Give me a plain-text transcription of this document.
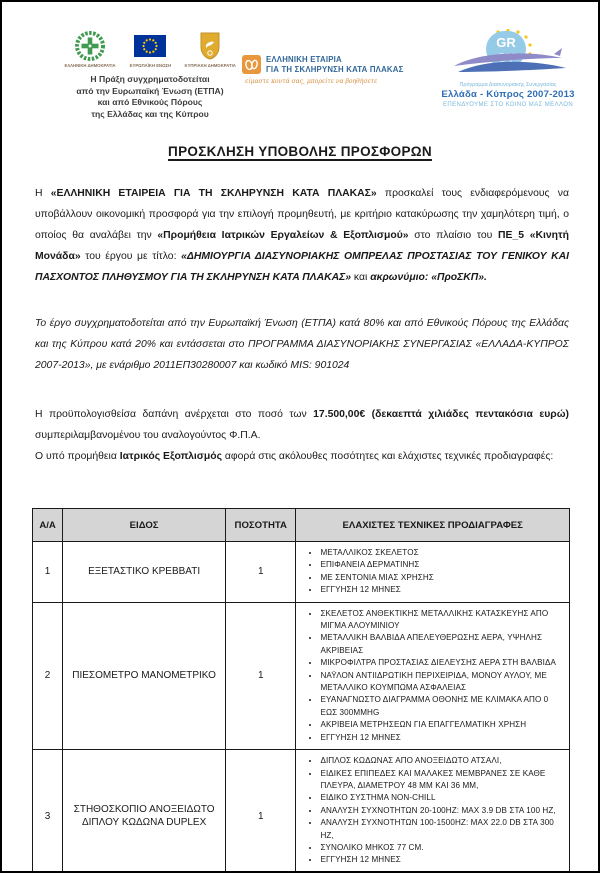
ΕΛΛΗΝΙΚΗ ΔΗΜΟΚΡΑΤΙΑ	ΕΥΡΩΠΑΪΚΗ ΕΝΩΣΗ	ΚΥΠΡΙΑΚΗ ΔΗΜΟΚΡΑΤΙΑ
Η Πράξη συγχρηματοδοτείται
από την Ευρωπαϊκή Ένωση (ΕΤΠΑ)
και από Εθνικούς Πόρους
της Ελλάδας και της Κύπρου
ΕΛΛΗΝΙΚΗ ΕΤΑΙΡΙΑ
ΓΙΑ ΤΗ ΣΚΛΗΡΥΝΣΗ ΚΑΤΑ ΠΛΑΚΑΣ
είμαστε κοντά σας, μπορείτε να βοηθήσετε
GR
Πρόγραμμα Διασυνοριακής Συνεργασίας
Ελλάδα - Κύπρος 2007-2013
ΕΠΕΝΔΥΟΥΜΕ ΣΤΟ ΚΟΙΝΟ ΜΑΣ ΜΕΛΛΟΝ
ΠΡΟΣΚΛΗΣΗ ΥΠΟΒΟΛΗΣ ΠΡΟΣΦΟΡΩΝ

Η «ΕΛΛΗΝΙΚΗ ΕΤΑΙΡΕΙΑ ΓΙΑ ΤΗ ΣΚΛΗΡΥΝΣΗ ΚΑΤΑ ΠΛΑΚΑΣ» προσκαλεί τους ενδιαφερόμενους να υποβάλλουν οικονομική προσφορά για την επιλογή προμηθευτή, με κριτήριο κατακύρωσης την χαμηλότερη τιμή, ο οποίος θα αναλάβει την «Προμήθεια Ιατρικών Εργαλείων & Εξοπλισμού» στο πλαίσιο του ΠΕ_5 «Κινητή Μονάδα» του έργου με τίτλο: «ΔΗΜΙΟΥΡΓΙΑ ΔΙΑΣΥΝΟΡΙΑΚΗΣ ΟΜΠΡΕΛΑΣ ΠΡΟΣΤΑΣΙΑΣ ΤΟΥ ΓΕΝΙΚΟΥ ΚΑΙ ΠΑΣΧΟΝΤΟΣ ΠΛΗΘΥΣΜΟΥ ΓΙΑ ΤΗ ΣΚΛΗΡΥΝΣΗ ΚΑΤΑ ΠΛΑΚΑΣ» και ακρωνύμιο: «ΠροΣΚΠ».

Το έργο συγχρηματοδοτείται από την Ευρωπαϊκή Ένωση (ΕΤΠΑ) κατά 80% και από Εθνικούς Πόρους της Ελλάδας και της Κύπρου κατά 20% και εντάσσεται στο ΠΡΟΓΡΑΜΜΑ ΔΙΑΣΥΝΟΡΙΑΚΗΣ ΣΥΝΕΡΓΑΣΙΑΣ «ΕΛΛΑΔΑ-ΚΥΠΡΟΣ 2007-2013», με ενάριθμο 2011ΕΠ30280007 και κωδικό MIS: 901024

Η προϋπολογισθείσα δαπάνη ανέρχεται στο ποσό των 17.500,00€ (δεκαεπτά χιλιάδες πεντακόσια ευρώ) συμπεριλαμβανομένου του αναλογούντος Φ.Π.Α.

Ο υπό προμήθεια Ιατρικός Εξοπλισμός αφορά στις ακόλουθες ποσότητες και ελάχιστες τεχνικές προδιαγραφές:

Α/Α	ΕΙΔΟΣ	ΠΟΣΟΤΗΤΑ	ΕΛΑΧΙΣΤΕΣ ΤΕΧΝΙΚΕΣ ΠΡΟΔΙΑΓΡΑΦΕΣ
1	ΕΞΕΤΑΣΤΙΚΟ ΚΡΕΒΒΑΤΙ	1	
• ΜΕΤΑΛΛΙΚΟΣ ΣΚΕΛΕΤΟΣ
• ΕΠΙΦΑΝΕΙΑ ΔΕΡΜΑΤΙΝΗΣ
• ΜΕ ΣΕΝΤΟΝΙΑ ΜΙΑΣ ΧΡΗΣΗΣ
• ΕΓΓΥΗΣΗ 12 ΜΗΝΕΣ

2	ΠΙΕΣΟΜΕΤΡΟ ΜΑΝΟΜΕΤΡΙΚΟ	1	
• ΣΚΕΛΕΤΟΣ ΑΝΘΕΚΤΙΚΗΣ ΜΕΤΑΛΛΙΚΗΣ ΚΑΤΑΣΚΕΥΗΣ ΑΠΟ ΜΙΓΜΑ ΑΛΟΥΜΙΝΙΟΥ
• ΜΕΤΑΛΛΙΚΗ ΒΑΛΒΙΔΑ ΑΠΕΛΕΥΘΕΡΩΣΗΣ ΑΕΡΑ, ΥΨΗΛΗΣ ΑΚΡΙΒΕΙΑΣ
• ΜΙΚΡΟΦΙΛΤΡΑ ΠΡΟΣΤΑΣΙΑΣ ΔΙΕΛΕΥΣΗΣ ΑΕΡΑ ΣΤΗ ΒΑΛΒΙΔΑ
• ΝΑΫΛΟΝ ΑΝΤΙΙΔΡΩΤΙΚΗ ΠΕΡΙΧΕΙΡΙΔΑ, ΜΟΝΟΥ ΑΥΛΟΥ, ΜΕ ΜΕΤΑΛΛΙΚΟ ΚΟΥΜΠΩΜΑ ΑΣΦΑΛΕΙΑΣ
• ΕΥΑΝΑΓΝΩΣΤΟ ΔΙΑΓΡΑΜΜΑ ΟΘΟΝΗΣ ΜΕ ΚΛΙΜΑΚΑ ΑΠΟ 0 ΕΩΣ 300MMHG
• ΑΚΡΙΒΕΙΑ ΜΕΤΡΗΣΕΩΝ ΓΙΑ ΕΠΑΓΓΕΛΜΑΤΙΚΗ ΧΡΗΣΗ
• ΕΓΓΥΗΣΗ 12 ΜΗΝΕΣ

3	ΣΤΗΘΟΣΚΟΠΙΟ ΑΝΟΞΕΙΔΩΤΟ ΔΙΠΛΟΥ ΚΩΔΩΝΑ DUPLEX	1	
• ΔΙΠΛΟΣ ΚΩΔΩΝΑΣ ΑΠΟ ΑΝΟΞΕΙΔΩΤΟ ΑΤΣΑΛΙ,
• ΕΙΔΙΚΕΣ ΕΠΙΠΕΔΕΣ ΚΑΙ ΜΑΛΑΚΕΣ ΜΕΜΒΡΑΝΕΣ ΣΕ ΚΑΘΕ ΠΛΕΥΡΑ, ΔΙΑΜΕΤΡΟΥ 48 ΜΜ ΚΑΙ 36 ΜΜ,
• ΕΙΔΙΚΟ ΣΥΣΤΗΜΑ NON-CHILL
• ΑΝΑΛΥΣΗ ΣΥΧΝΟΤΗΤΩΝ 20-100HZ: MAX 3.9 DB ΣΤΑ 100 HZ,
• ΑΝΑΛΥΣΗ ΣΥΧΝΟΤΗΤΩΝ 100-1500HZ: MAX 22.0 DB ΣΤΑ 300 HZ,
• ΣΥΝΟΛΙΚΟ ΜΗΚΟΣ 77 CM.
• ΕΓΓΥΗΣΗ 12 ΜΗΝΕΣ
